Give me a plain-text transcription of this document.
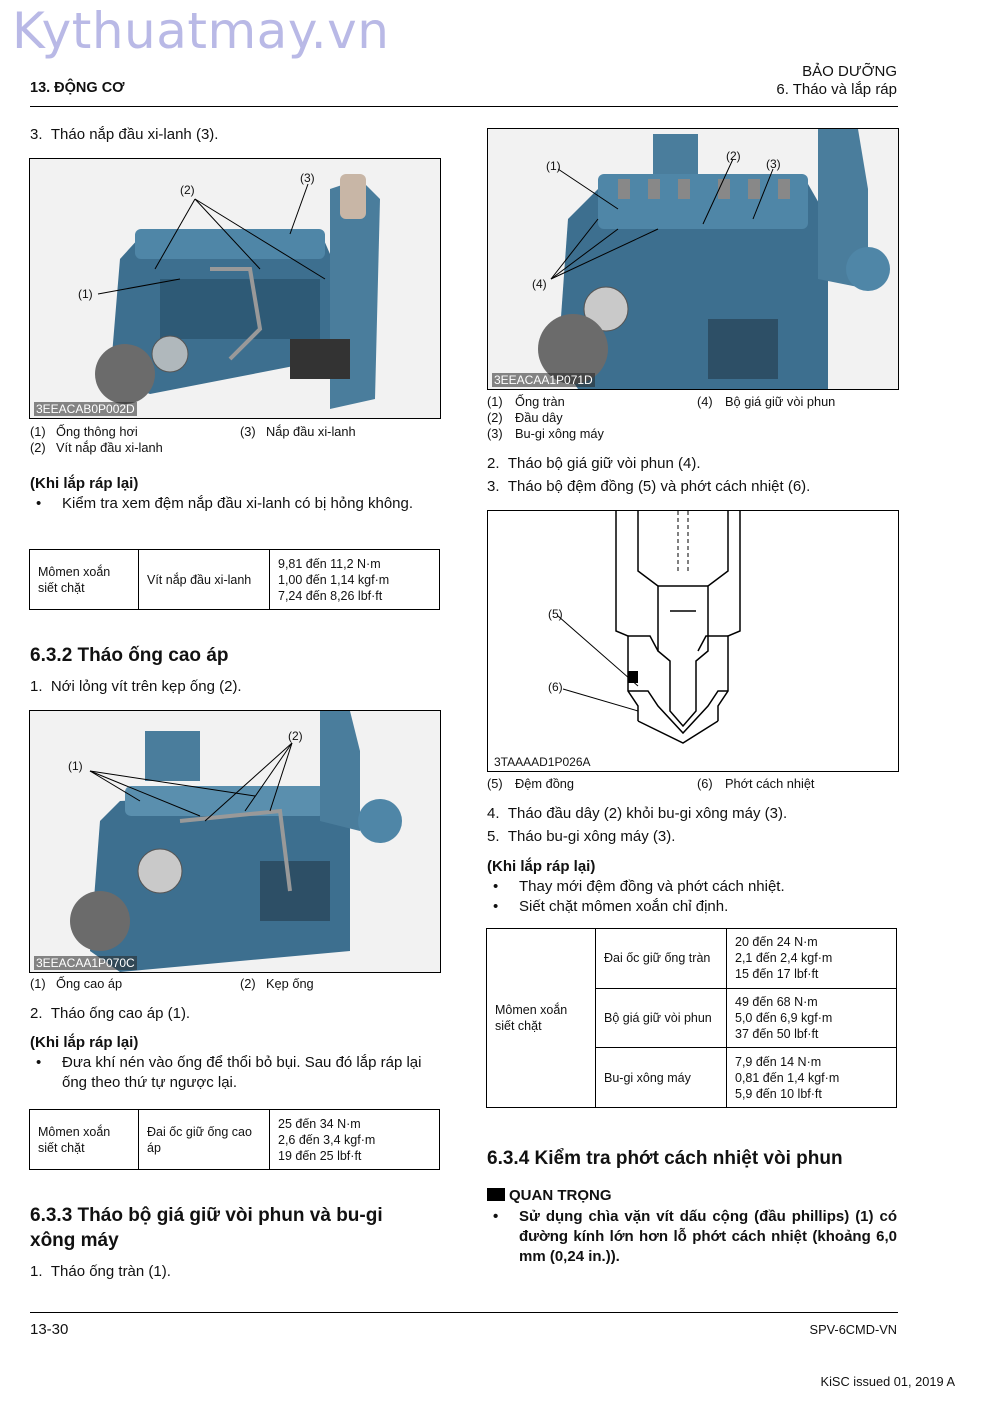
Kythuatmay.vn
13. ĐỘNG CƠ
BẢO DƯỠNG
6. Tháo và lắp ráp
3.  Tháo nắp đầu xi-lanh (3).
(2)
(3)
(1)
3EEACAB0P002D
(1) Ống thông hơi	(3) Nắp đầu xi-lanh
(2) Vít nắp đầu xi-lanh
(Khi lắp ráp lại)
•	Kiểm tra xem đệm nắp đầu xi-lanh có bị hỏng không.
Mômen xoắn siết chặt	Vít nắp đầu xi-lanh	
9,81 đến 11,2 N·m
1,00 đến 1,14 kgf·m
7,24 đến 8,26 lbf·ft
6.3.2 Tháo ống cao áp
1.  Nới lỏng vít trên kẹp ống (2).
(1)
(2)
3EEACAA1P070C
(1) Ống cao áp	(2) Kẹp ống
2.  Tháo ống cao áp (1).
(Khi lắp ráp lại)
•	Đưa khí nén vào ống để thổi bỏ bụi. Sau đó lắp ráp lại ống theo thứ tự ngược lại.
Mômen xoắn siết chặt	Đai ốc giữ ống cao áp	
25 đến 34 N·m
2,6 đến 3,4 kgf·m
19 đến 25 lbf·ft
6.3.3 Tháo bộ giá giữ vòi phun và bu-gi xông máy
1.  Tháo ống tràn (1).
(1)
(2)
(3)
(4)
3EEACAA1P071D
(1) Ống tràn	(4) Bộ giá giữ vòi phun
(2) Đầu dây
(3) Bu-gi xông máy
2.  Tháo bộ giá giữ vòi phun (4).
3.  Tháo bộ đệm đồng (5) và phớt cách nhiệt (6).
(5)
(6)
3TAAAAD1P026A
(5) Đệm đồng	(6) Phớt cách nhiệt
4.  Tháo đầu dây (2) khỏi bu-gi xông máy (3).
5.  Tháo bu-gi xông máy (3).
(Khi lắp ráp lại)
•	Thay mới đệm đồng và phớt cách nhiệt.
•	Siết chặt mômen xoắn chỉ định.
Mômen xoắn siết chặt	Đai ốc giữ ống tràn	20 đến 24 N·m
2,1 đến 2,4 kgf·m
15 đến 17 lbf·ft

	Bộ giá giữ vòi phun	49 đến 68 N·m
5,0 đến 6,9 kgf·m
37 đến 50 lbf·ft

	Bu-gi xông máy	7,9 đến 14 N·m
0,81 đến 1,4 kgf·m
5,9 đến 10 lbf·ft
6.3.4 Kiểm tra phớt cách nhiệt vòi phun
QUAN TRỌNG
•	Sử dụng chìa vặn vít dấu cộng (đầu phillips) (1) có đường kính lớn hơn lỗ phớt cách nhiệt (khoảng 6,0 mm (0,24 in.)).
13-30	SPV-6CMD-VN
KiSC issued 01, 2019 A
